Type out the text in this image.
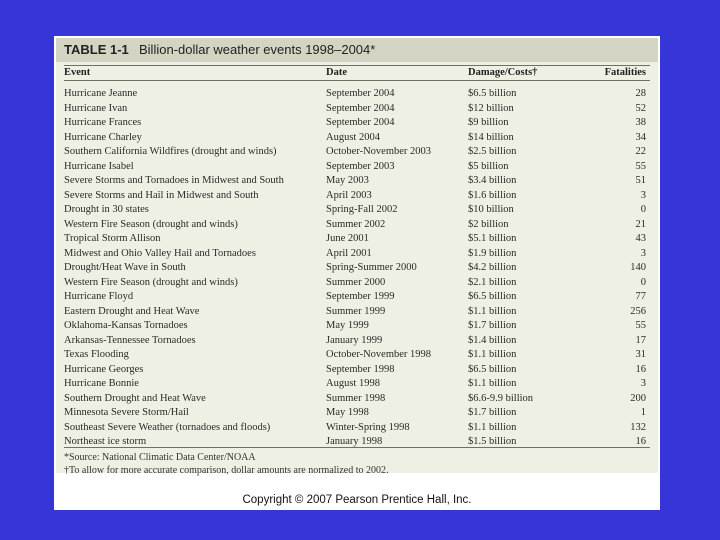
TABLE 1-1 Billion-dollar weather events 1998–2004*
Event	Date	Damage/Costs†	Fatalities
Hurricane Jeanne	September 2004	$6.5 billion	28
Hurricane Ivan	September 2004	$12 billion	52
Hurricane Frances	September 2004	$9 billion	38
Hurricane Charley	August 2004	$14 billion	34
Southern California Wildfires (drought and winds)	October-November 2003	$2.5 billion	22
Hurricane Isabel	September 2003	$5 billion	55
Severe Storms and Tornadoes in Midwest and South	May 2003	$3.4 billion	51
Severe Storms and Hail in Midwest and South	April 2003	$1.6 billion	3
Drought in 30 states	Spring-Fall 2002	$10 billion	0
Western Fire Season (drought and winds)	Summer 2002	$2 billion	21
Tropical Storm Allison	June 2001	$5.1 billion	43
Midwest and Ohio Valley Hail and Tornadoes	April 2001	$1.9 billion	3
Drought/Heat Wave in South	Spring-Summer 2000	$4.2 billion	140
Western Fire Season (drought and winds)	Summer 2000	$2.1 billion	0
Hurricane Floyd	September 1999	$6.5 billion	77
Eastern Drought and Heat Wave	Summer 1999	$1.1 billion	256
Oklahoma-Kansas Tornadoes	May 1999	$1.7 billion	55
Arkansas-Tennessee Tornadoes	January 1999	$1.4 billion	17
Texas Flooding	October-November 1998	$1.1 billion	31
Hurricane Georges	September 1998	$6.5 billion	16
Hurricane Bonnie	August 1998	$1.1 billion	3
Southern Drought and Heat Wave	Summer 1998	$6.6-9.9 billion	200
Minnesota Severe Storm/Hail	May 1998	$1.7 billion	1
Southeast Severe Weather (tornadoes and floods)	Winter-Spring 1998	$1.1 billion	132
Northeast ice storm	January 1998	$1.5 billion	16
*Source: National Climatic Data Center/NOAA
†To allow for more accurate comparison, dollar amounts are normalized to 2002.
Copyright © 2007 Pearson Prentice Hall, Inc.
